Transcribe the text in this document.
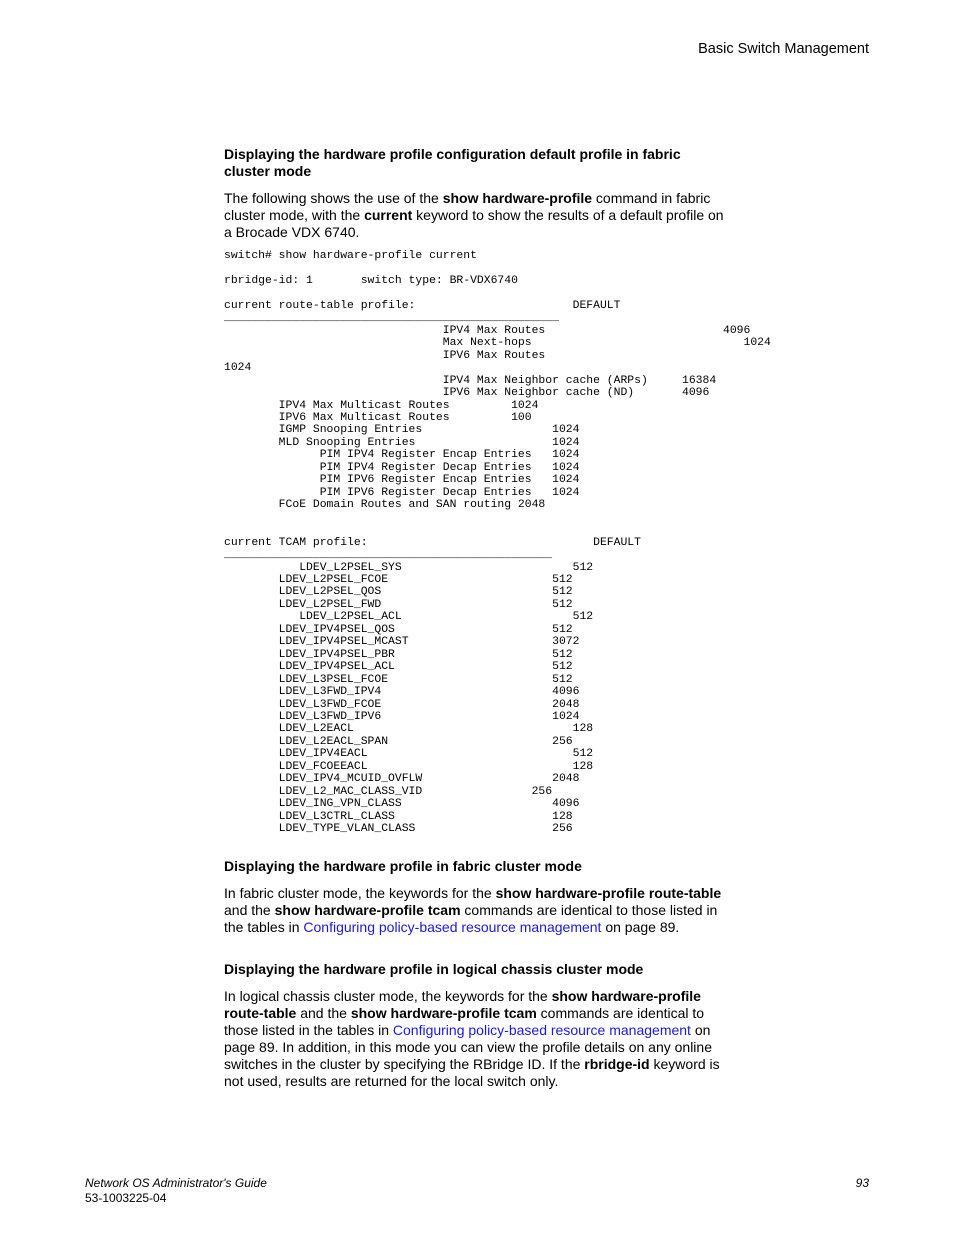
Basic Switch Management
Displaying the hardware profile configuration default profile in fabric
cluster mode

The following shows the use of the show hardware-profile command in fabric cluster mode, with the current keyword to show the results of a default profile on a Brocade VDX 6740.

switch# show hardware-profile current
rbridge-id: 1       switch type: BR-VDX6740
current route-table profile:                       DEFAULT
_________________________________________________
IPV4 Max Routes                          4096
Max Next-hops                               1024
IPV6 Max Routes
1024
IPV4 Max Neighbor cache (ARPs)     16384
IPV6 Max Neighbor cache (ND)       4096
IPV4 Max Multicast Routes         1024
IPV6 Max Multicast Routes         100
IGMP Snooping Entries                   1024
MLD Snooping Entries                    1024
PIM IPV4 Register Encap Entries   1024
PIM IPV4 Register Decap Entries   1024
PIM IPV6 Register Encap Entries   1024
PIM IPV6 Register Decap Entries   1024
FCoE Domain Routes and SAN routing 2048
current TCAM profile:                                 DEFAULT
________________________________________________
LDEV_L2PSEL_SYS                         512
LDEV_L2PSEL_FCOE                        512
LDEV_L2PSEL_QOS                         512
LDEV_L2PSEL_FWD                         512
LDEV_L2PSEL_ACL                         512
LDEV_IPV4PSEL_QOS                       512
LDEV_IPV4PSEL_MCAST                     3072
LDEV_IPV4PSEL_PBR                       512
LDEV_IPV4PSEL_ACL                       512
LDEV_L3PSEL_FCOE                        512
LDEV_L3FWD_IPV4                         4096
LDEV_L3FWD_FCOE                         2048
LDEV_L3FWD_IPV6                         1024
LDEV_L2EACL                                128
LDEV_L2EACL_SPAN                        256
LDEV_IPV4EACL                              512
LDEV_FCOEEACL                              128
LDEV_IPV4_MCUID_OVFLW                   2048
LDEV_L2_MAC_CLASS_VID                256
LDEV_ING_VPN_CLASS                      4096
LDEV_L3CTRL_CLASS                       128
LDEV_TYPE_VLAN_CLASS                    256
Displaying the hardware profile in fabric cluster mode

In fabric cluster mode, the keywords for the show hardware-profile route-table and the show hardware-profile tcam commands are identical to those listed in the tables in Configuring policy-based resource management on page 89.

Displaying the hardware profile in logical chassis cluster mode

In logical chassis cluster mode, the keywords for the show hardware-profile route-table and the show hardware-profile tcam commands are identical to those listed in the tables in Configuring policy-based resource management on page 89. In addition, in this mode you can view the profile details on any online switches in the cluster by specifying the RBridge ID. If the rbridge-id keyword is not used, results are returned for the local switch only.

Network OS Administrator's Guide
53-1003225-04
93
